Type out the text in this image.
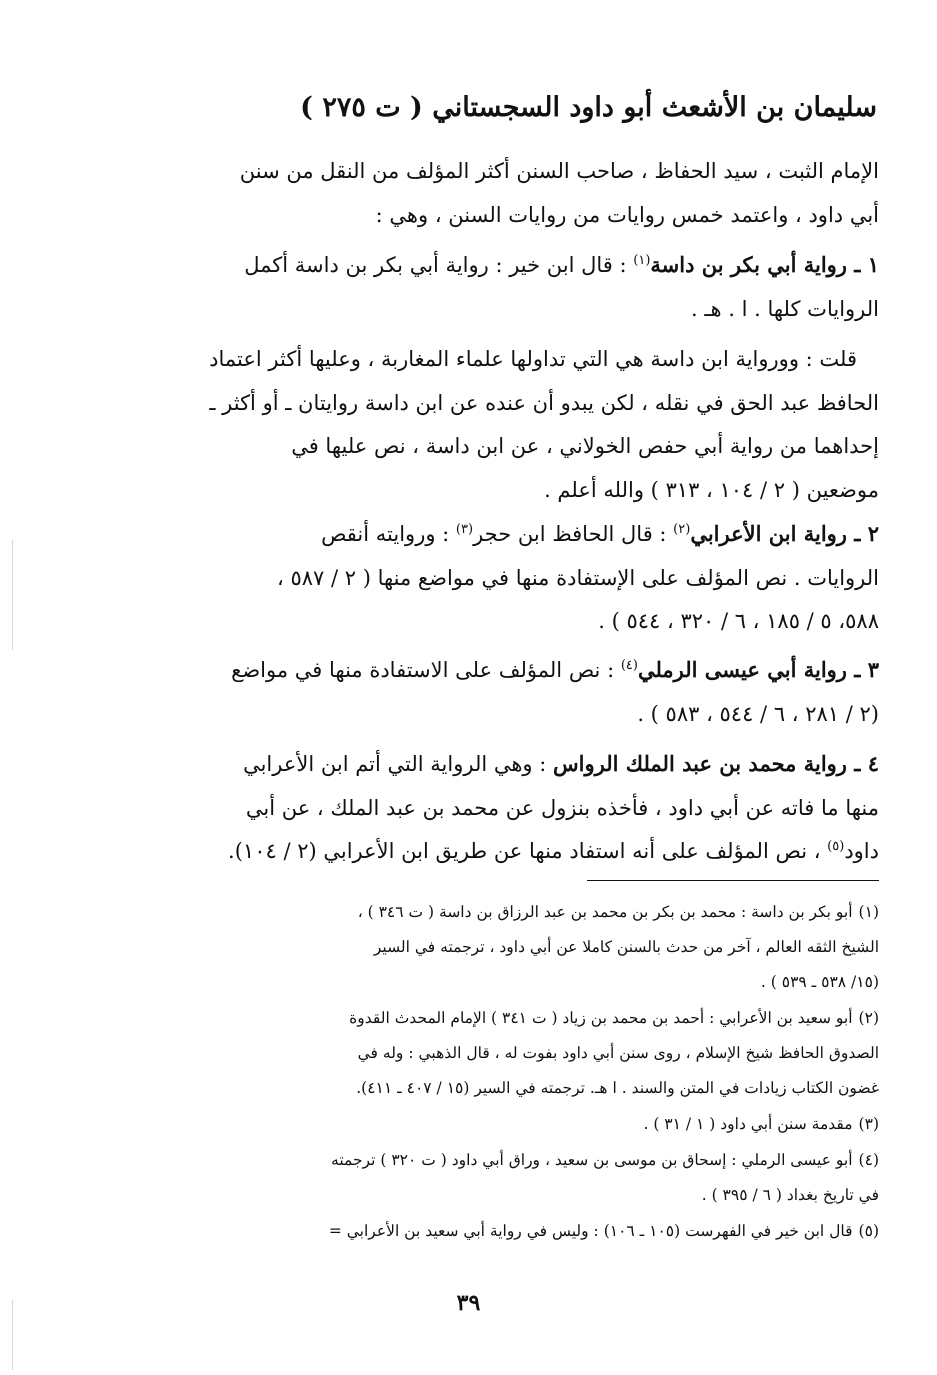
سليمان بن الأشعث أبو داود السجستاني ( ت ٢٧٥ )

الإمام الثبت ، سيد الحفاظ ، صاحب السنن أكثر المؤلف من النقل من سنن

أبي داود ، واعتمد خمس روايات من روايات السنن ، وهي :

١ ـ رواية أبي بكر بن داسة$^{(١)}$ : قال ابن خير : رواية أبي بكر بن داسة أكمل

الروايات كلها . ا . هـ .

قلت : وورواية ابن داسة هي التي تداولها علماء المغاربة ، وعليها أكثر اعتماد

الحافظ عبد الحق في نقله ، لكن يبدو أن عنده عن ابن داسة روايتان ـ أو أكثر ـ

إحداهما من رواية أبي حفص الخولاني ، عن ابن داسة ، نص عليها في

موضعين ( ٢ / ١٠٤ ، ٣١٣ ) والله أعلم .

٢ ـ رواية ابن الأعرابي$^{(٢)}$ : قال الحافظ ابن حجر$^{(٣)}$ : وروايته أنقص

الروايات . نص المؤلف على الإستفادة منها في مواضع منها ( ٢ / ٥٨٧ ،

٥٨٨، ٥ / ١٨٥ ، ٦ / ٣٢٠ ، ٥٤٤ ) .

٣ ـ رواية أبي عيسى الرملي$^{(٤)}$ : نص المؤلف على الاستفادة منها في مواضع

(٢ / ٢٨١ ، ٦ / ٥٤٤ ، ٥٨٣ ) .

٤ ـ رواية محمد بن عبد الملك الرواس : وهي الرواية التي أتم ابن الأعرابي

منها ما فاته عن أبي داود ، فأخذه بنزول عن محمد بن عبد الملك ، عن أبي

داود$^{(٥)}$ ، نص المؤلف على أنه استفاد منها عن طريق ابن الأعرابي (٢ / ١٠٤).

(١)أبو بكر بن داسة : محمد بن بكر بن محمد بن عبد الرزاق بن داسة ( ت ٣٤٦ ) ،
الشيخ الثقه العالم ، آخر من حدث بالسنن كاملا عن أبي داود ، ترجمته في السير
(١٥/ ٥٣٨ ـ ٥٣٩ ) .
(٢)أبو سعيد بن الأعرابي : أحمد بن محمد بن زياد ( ت ٣٤١ ) الإمام المحدث القدوة
الصدوق الحافظ شيخ الإسلام ، روى سنن أبي داود بفوت له ، قال الذهبي : وله في
غضون الكتاب زيادات في المتن والسند . ا هـ. ترجمته في السير (١٥ / ٤٠٧ ـ ٤١١).
(٣)مقدمة سنن أبي داود ( ١ / ٣١ ) .
(٤)أبو عيسى الرملي : إسحاق بن موسى بن سعيد ، وراق أبي داود ( ت ٣٢٠ ) ترجمته
في تاريخ بغداد ( ٦ / ٣٩٥ ) .
(٥)قال ابن خير في الفهرست (١٠٥ ـ ١٠٦) : وليس في رواية أبي سعيد بن الأعرابي =
٣٩
